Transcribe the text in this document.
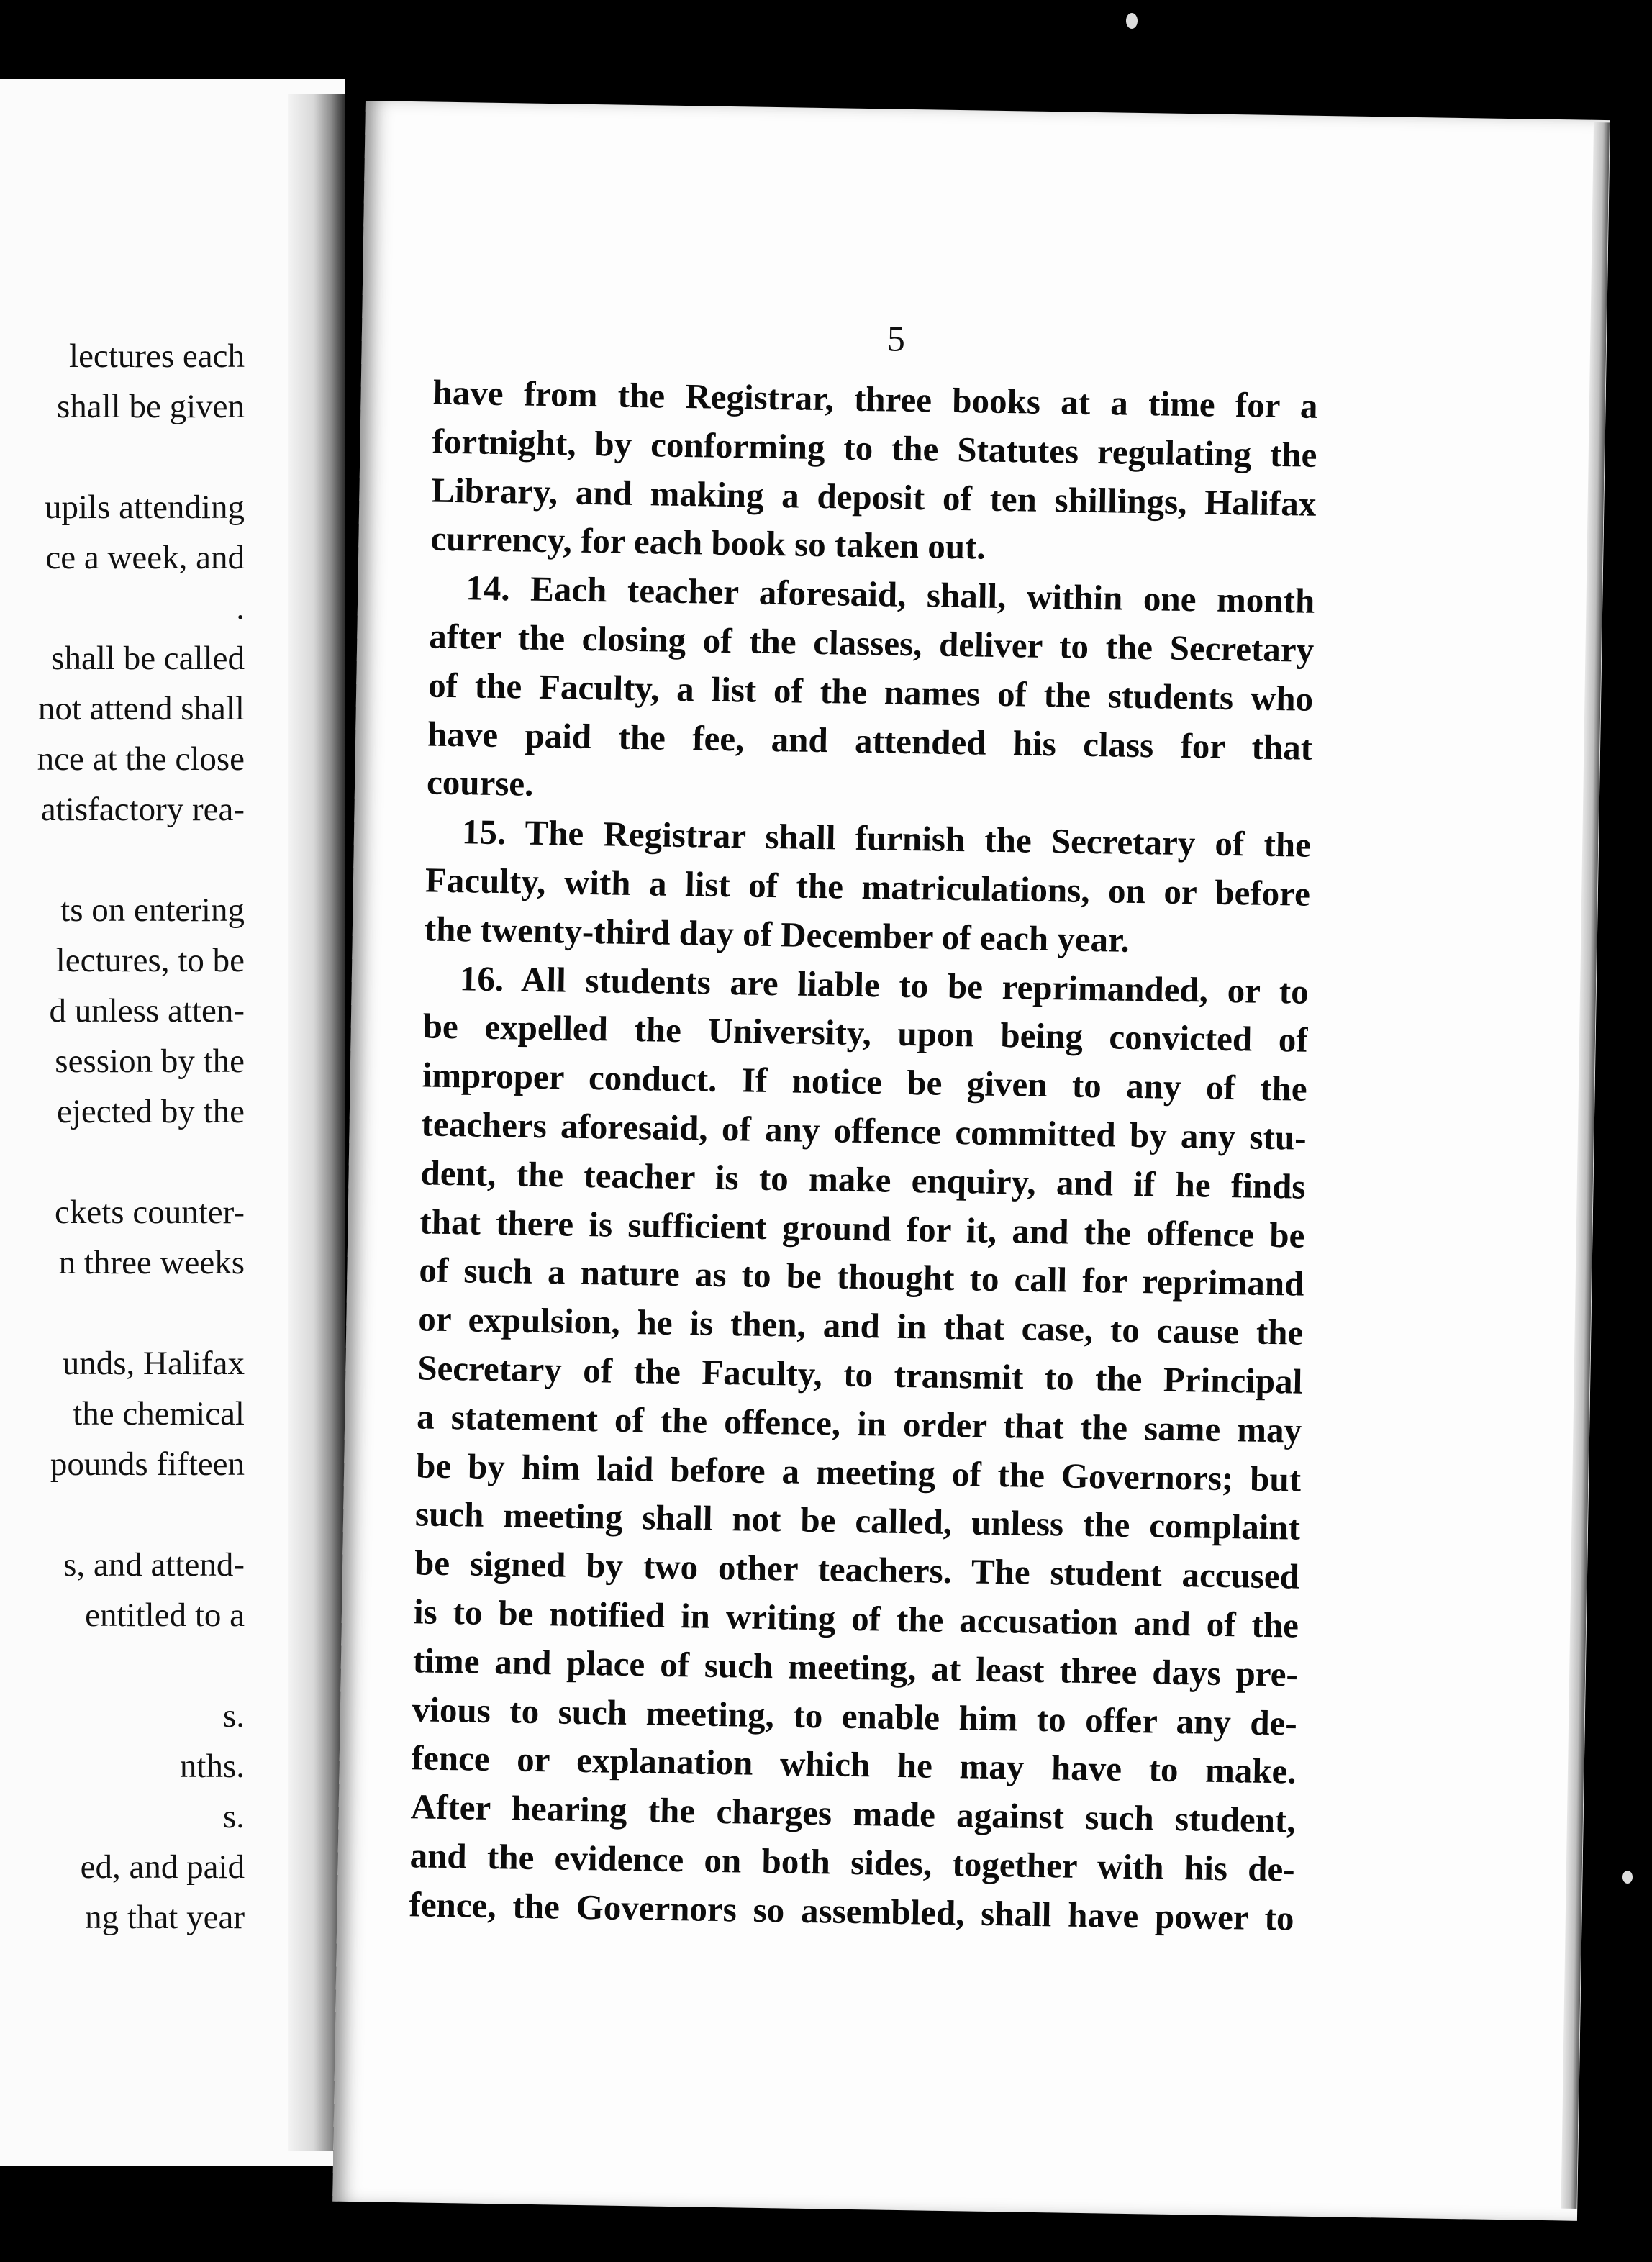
lectures each
shall be given
upils attending
ce a week, and
.
shall be called
not attend shall
nce at the close
atisfactory rea-
ts on entering
lectures, to be
d unless atten-
session by the
ejected by the
ckets counter-
n three weeks
unds, Halifax
the chemical
pounds fifteen
s, and attend-
entitled to a
s.
nths.
s.
ed, and paid
ng that year
5
have from the Registrar, three books at a time for a
fortnight, by conforming to the Statutes regulating the
Library, and making a deposit of ten shillings, Halifax
currency, for each book so taken out.
14. Each teacher aforesaid, shall, within one month
after the closing of the classes, deliver to the Secretary
of the Faculty, a list of the names of the students who
have paid the fee, and attended his class for that
course.
15. The Registrar shall furnish the Secretary of the
Faculty, with a list of the matriculations, on or before
the twenty-third day of December of each year.
16. All students are liable to be reprimanded, or to
be expelled the University, upon being convicted of
improper conduct. If notice be given to any of the
teachers aforesaid, of any offence committed by any stu-
dent, the teacher is to make enquiry, and if he finds
that there is sufficient ground for it, and the offence be
of such a nature as to be thought to call for reprimand
or expulsion, he is then, and in that case, to cause the
Secretary of the Faculty, to transmit to the Principal
a statement of the offence, in order that the same may
be by him laid before a meeting of the Governors; but
such meeting shall not be called, unless the complaint
be signed by two other teachers. The student accused
is to be notified in writing of the accusation and of the
time and place of such meeting, at least three days pre-
vious to such meeting, to enable him to offer any de-
fence or explanation which he may have to make.
After hearing the charges made against such student,
and the evidence on both sides, together with his de-
fence, the Governors so assembled, shall have power to
